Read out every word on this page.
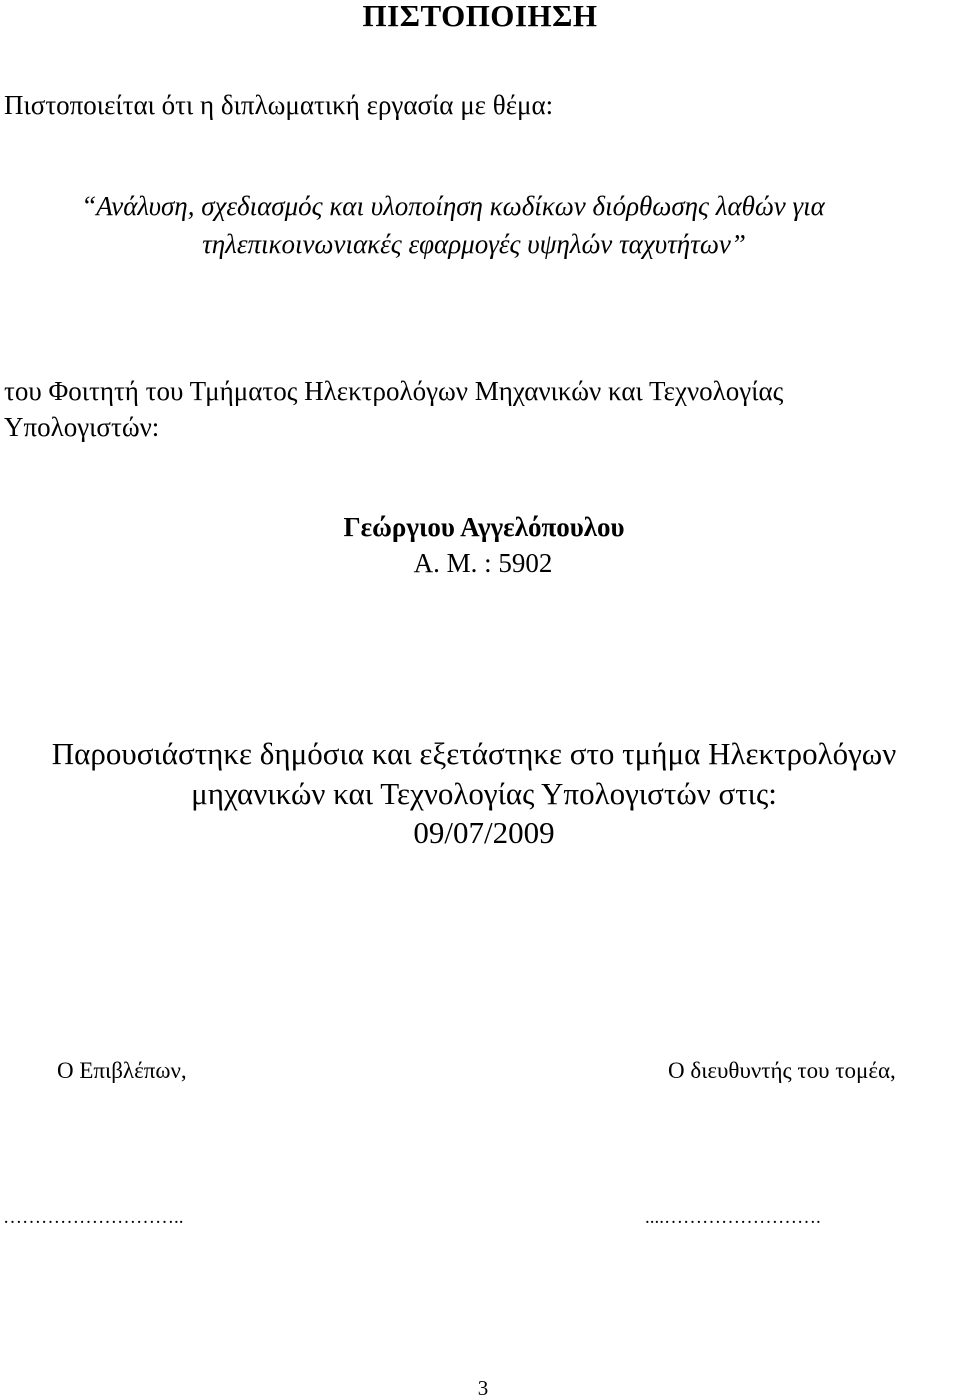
ΠΙΣΤΟΠΟΙΗΣΗ

Πιστοποιείται ότι η διπλωματική εργασία με θέμα:

“Ανάλυση, σχεδιασμός και υλοποίηση κωδίκων διόρθωσης λαθών για

τηλεπικοινωνιακές εφαρμογές υψηλών ταχυτήτων”

του Φοιτητή του Τμήματος Ηλεκτρολόγων Μηχανικών και Τεχνολογίας

Υπολογιστών:

Γεώργιου Αγγελόπουλου

Α. Μ. : 5902

Παρουσιάστηκε δημόσια και εξετάστηκε στο τμήμα Ηλεκτρολόγων

μηχανικών και Τεχνολογίας Υπολογιστών στις:

09/07/2009

Ο Επιβλέπων,	Ο διευθυντής του τομέα,

………………………..	....…………………….

3
